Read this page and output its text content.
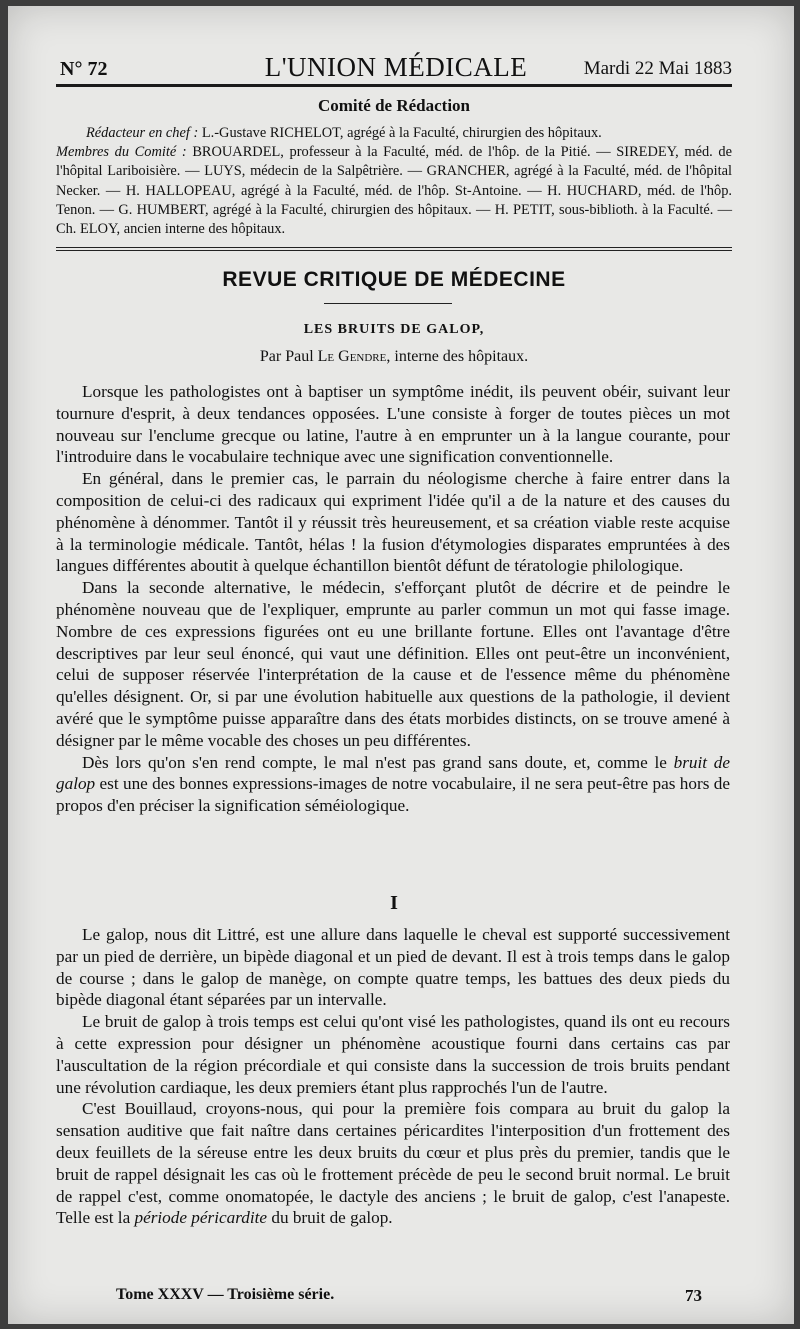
N° 72	L'UNION MÉDICALE	Mardi 22 Mai 1883
Comité de Rédaction

Rédacteur en chef : L.-Gustave RICHELOT, agrégé à la Faculté, chirurgien des hôpitaux.

Membres du Comité : BROUARDEL, professeur à la Faculté, méd. de l'hôp. de la Pitié. — SIREDEY, méd. de l'hôpital Lariboisière. — LUYS, médecin de la Salpêtrière. — GRANCHER, agrégé à la Faculté, méd. de l'hôpital Necker. — H. HALLOPEAU, agrégé à la Faculté, méd. de l'hôp. St-Antoine. — H. HUCHARD, méd. de l'hôp. Tenon. — G. HUMBERT, agrégé à la Faculté, chirurgien des hôpitaux. — H. PETIT, sous-biblioth. à la Faculté. — Ch. ELOY, ancien interne des hôpitaux.

REVUE CRITIQUE DE MÉDECINE
LES BRUITS DE GALOP,
Par Paul Le Gendre, interne des hôpitaux.

Lorsque les pathologistes ont à baptiser un symptôme inédit, ils peuvent obéir, suivant leur tournure d'esprit, à deux tendances opposées. L'une consiste à forger de toutes pièces un mot nouveau sur l'enclume grecque ou latine, l'autre à en emprunter un à la langue courante, pour l'introduire dans le vocabulaire technique avec une signification conventionnelle.

En général, dans le premier cas, le parrain du néologisme cherche à faire entrer dans la composition de celui-ci des radicaux qui expriment l'idée qu'il a de la nature et des causes du phénomène à dénommer. Tantôt il y réussit très heureusement, et sa création viable reste acquise à la terminologie médicale. Tantôt, hélas ! la fusion d'étymologies disparates empruntées à des langues différentes aboutit à quelque échantillon bientôt défunt de tératologie philologique.

Dans la seconde alternative, le médecin, s'efforçant plutôt de décrire et de peindre le phénomène nouveau que de l'expliquer, emprunte au parler commun un mot qui fasse image. Nombre de ces expressions figurées ont eu une brillante fortune. Elles ont l'avantage d'être descriptives par leur seul énoncé, qui vaut une définition. Elles ont peut-être un inconvénient, celui de supposer réservée l'interprétation de la cause et de l'essence même du phénomène qu'elles désignent. Or, si par une évolution habituelle aux questions de la pathologie, il devient avéré que le symptôme puisse apparaître dans des états morbides distincts, on se trouve amené à désigner par le même vocable des choses un peu différentes.

Dès lors qu'on s'en rend compte, le mal n'est pas grand sans doute, et, comme le bruit de galop est une des bonnes expressions-images de notre vocabulaire, il ne sera peut-être pas hors de propos d'en préciser la signification séméiologique.

I

Le galop, nous dit Littré, est une allure dans laquelle le cheval est supporté successivement par un pied de derrière, un bipède diagonal et un pied de devant. Il est à trois temps dans le galop de course ; dans le galop de manège, on compte quatre temps, les battues des deux pieds du bipède diagonal étant séparées par un intervalle.

Le bruit de galop à trois temps est celui qu'ont visé les pathologistes, quand ils ont eu recours à cette expression pour désigner un phénomène acoustique fourni dans certains cas par l'auscultation de la région précordiale et qui consiste dans la succession de trois bruits pendant une révolution cardiaque, les deux premiers étant plus rapprochés l'un de l'autre.

C'est Bouillaud, croyons-nous, qui pour la première fois compara au bruit du galop la sensation auditive que fait naître dans certaines péricardites l'interposition d'un frottement des deux feuillets de la séreuse entre les deux bruits du cœur et plus près du premier, tandis que le bruit de rappel désignait les cas où le frottement précède de peu le second bruit normal. Le bruit de rappel c'est, comme onomatopée, le dactyle des anciens ; le bruit de galop, c'est l'anapeste. Telle est la période péricardite du bruit de galop.

Tome XXXV — Troisième série.	73
